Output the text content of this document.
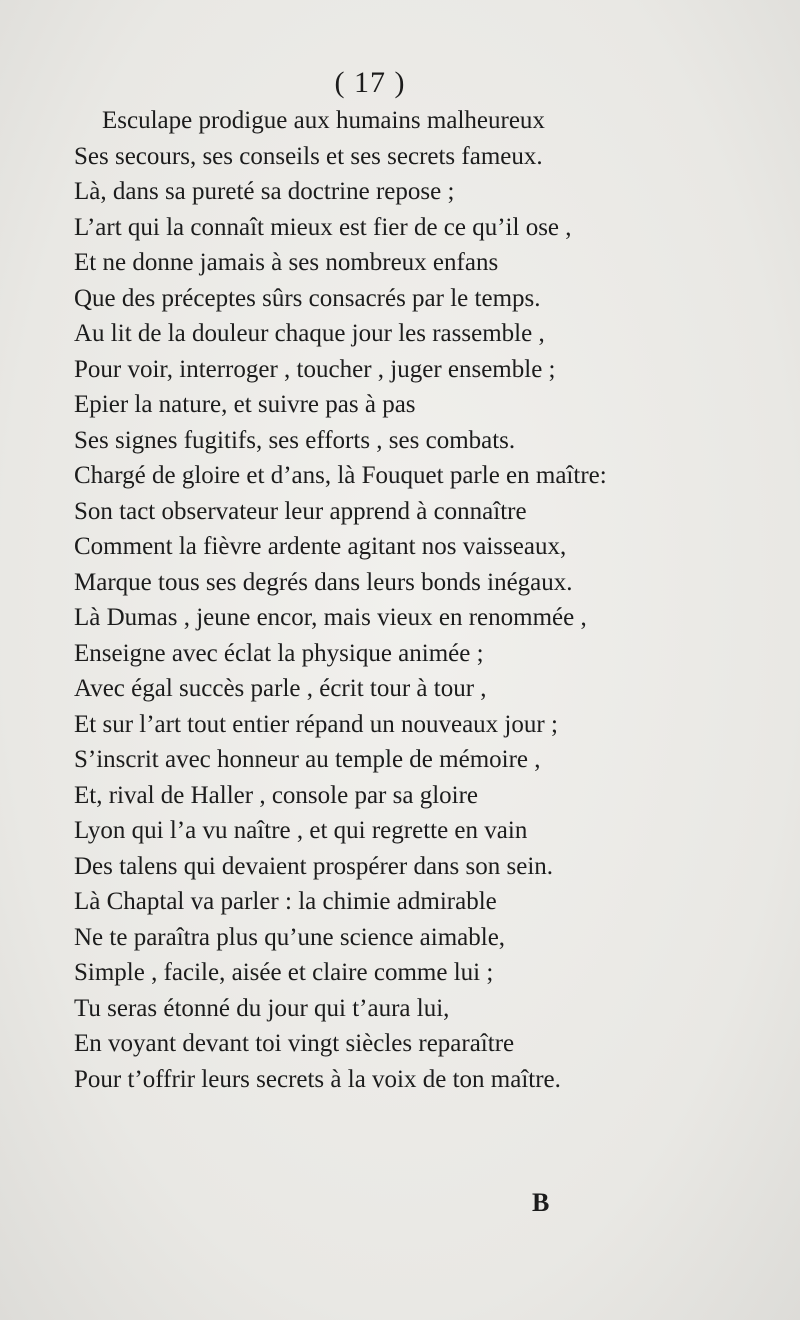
( 17 )
Esculape prodigue aux humains malheureux
Ses secours, ses conseils et ses secrets fameux.
Là, dans sa pureté sa doctrine repose ;
L’art qui la connaît mieux est fier de ce qu’il ose ,
Et ne donne jamais à ses nombreux enfans
Que des préceptes sûrs consacrés par le temps.
Au lit de la douleur chaque jour les rassemble ,
Pour voir, interroger , toucher , juger ensemble ;
Epier la nature, et suivre pas à pas
Ses signes fugitifs, ses efforts , ses combats.
Chargé de gloire et d’ans, là Fouquet parle en maître:
Son tact observateur leur apprend à connaître
Comment la fièvre ardente agitant nos vaisseaux,
Marque tous ses degrés dans leurs bonds inégaux.
Là Dumas , jeune encor, mais vieux en renommée ,
Enseigne avec éclat la physique animée ;
Avec égal succès parle , écrit tour à tour ,
Et sur l’art tout entier répand un nouveaux jour ;
S’inscrit avec honneur au temple de mémoire ,
Et, rival de Haller , console par sa gloire
Lyon qui l’a vu naître , et qui regrette en vain
Des talens qui devaient prospérer dans son sein.
Là Chaptal va parler : la chimie admirable
Ne te paraîtra plus qu’une science aimable,
Simple , facile, aisée et claire comme lui ;
Tu seras étonné du jour qui t’aura lui,
En voyant devant toi vingt siècles reparaître
Pour t’offrir leurs secrets à la voix de ton maître.
B
